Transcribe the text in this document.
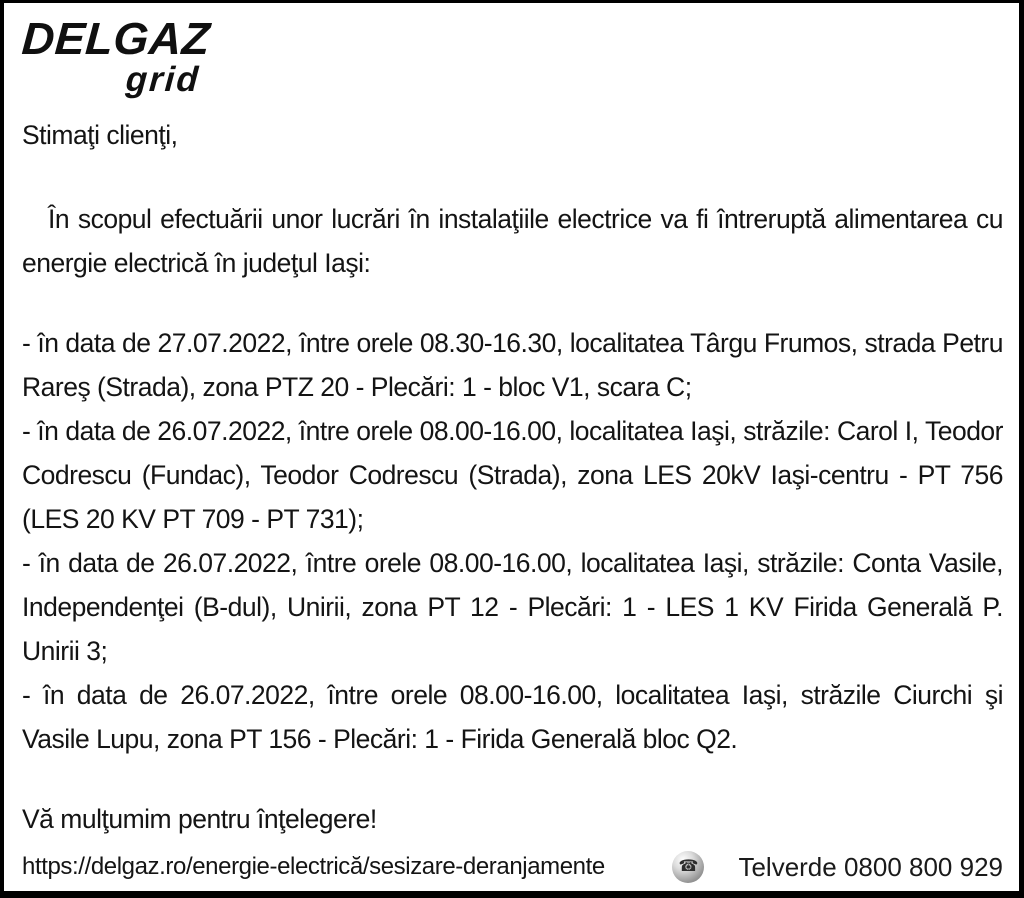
DELGAZ
grid

Stimaţi clienţi,

În scopul efectuării unor lucrări în instalaţiile electrice va fi întreruptă alimentarea cu energie electrică în judeţul Iaşi:

- în data de 27.07.2022, între orele 08.30-16.30, localitatea Târgu Frumos, strada Petru Rareş (Strada), zona PTZ 20 - Plecări: 1 - bloc V1, scara C;

- în data de 26.07.2022, între orele 08.00-16.00, localitatea Iaşi, străzile: Carol I, Teodor Codrescu (Fundac), Teodor Codrescu (Strada), zona LES 20kV Iaşi-centru - PT 756 (LES 20 KV PT 709 - PT 731);

- în data de 26.07.2022, între orele 08.00-16.00, localitatea Iaşi, străzile: Conta Vasile, Independenţei (B-dul), Unirii, zona PT 12 - Plecări: 1 - LES 1 KV Firida Generală P. Unirii 3;

- în data de 26.07.2022, între orele 08.00-16.00, localitatea Iaşi, străzile Ciurchi şi Vasile Lupu, zona PT 156 - Plecări: 1 - Firida Generală bloc Q2.

Vă mulţumim pentru înţelegere!

https://delgaz.ro/energie-electrică/sesizare-deranjamente	☎ Telverde 0800 800 929
